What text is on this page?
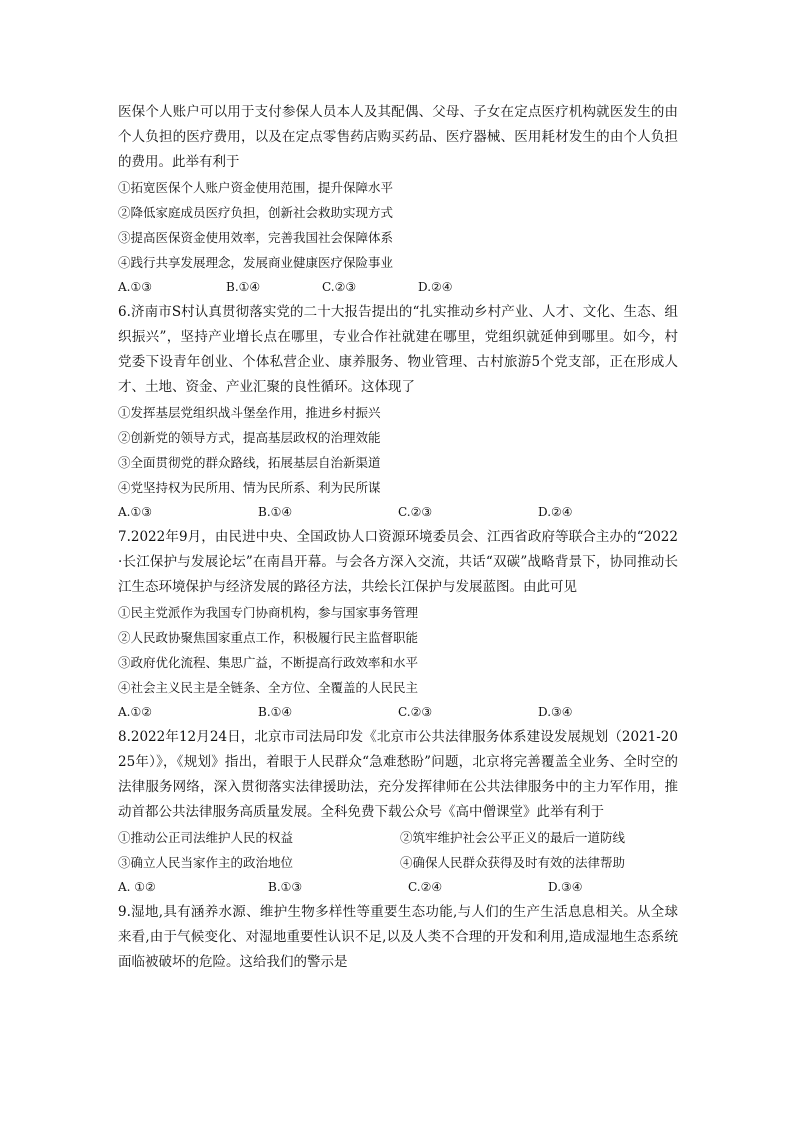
医保个人账户可以用于支付参保人员本人及其配偶、父母、子女在定点医疗机构就医发生的由个人负担的医疗费用，以及在定点零售药店购买药品、医疗器械、医用耗材发生的由个人负担的费用。此举有利于

①拓宽医保个人账户资金使用范围，提升保障水平

②降低家庭成员医疗负担，创新社会救助实现方式

③提高医保资金使用效率，完善我国社会保障体系

④践行共享发展理念，发展商业健康医疗保险事业

A.①③	B.①④	C.②③	D.②④

6.济南市S村认真贯彻落实党的二十大报告提出的“扎实推动乡村产业、人才、文化、生态、组织振兴”，坚持产业增长点在哪里，专业合作社就建在哪里，党组织就延伸到哪里。如今，村党委下设青年创业、个体私营企业、康养服务、物业管理、古村旅游5个党支部，正在形成人才、土地、资金、产业汇聚的良性循环。这体现了

①发挥基层党组织战斗堡垒作用，推进乡村振兴

②创新党的领导方式，提高基层政权的治理效能

③全面贯彻党的群众路线，拓展基层自治新渠道

④党坚持权为民所用、情为民所系、利为民所谋

A.①③	B.①④	C.②③	D.②④

7.2022年9月，由民进中央、全国政协人口资源环境委员会、江西省政府等联合主办的“2022·长江保护与发展论坛”在南昌开幕。与会各方深入交流，共话“双碳”战略背景下，协同推动长江生态环境保护与经济发展的路径方法，共绘长江保护与发展蓝图。由此可见

①民主党派作为我国专门协商机构，参与国家事务管理

②人民政协聚焦国家重点工作，积极履行民主监督职能

③政府优化流程、集思广益，不断提高行政效率和水平

④社会主义民主是全链条、全方位、全覆盖的人民民主

A.①②	B.①④	C.②③	D.③④

8.2022年12月24日，北京市司法局印发《北京市公共法律服务体系建设发展规划（2021-2025年）》，《规划》指出，着眼于人民群众“急难愁盼”问题，北京将完善覆盖全业务、全时空的法律服务网络，深入贯彻落实法律援助法，充分发挥律师在公共法律服务中的主力军作用，推动首都公共法律服务高质量发展。全科免费下载公众号《高中僧课堂》此举有利于

①推动公正司法维护人民的权益	②筑牢维护社会公平正义的最后一道防线
③确立人民当家作主的政治地位	④确保人民群众获得及时有效的法律帮助
A. ①②	B.①③	C.②④	D.③④

9.湿地,具有涵养水源、维护生物多样性等重要生态功能,与人们的生产生活息息相关。从全球来看,由于气候变化、对湿地重要性认识不足,以及人类不合理的开发和利用,造成湿地生态系统面临被破坏的危险。这给我们的警示是
